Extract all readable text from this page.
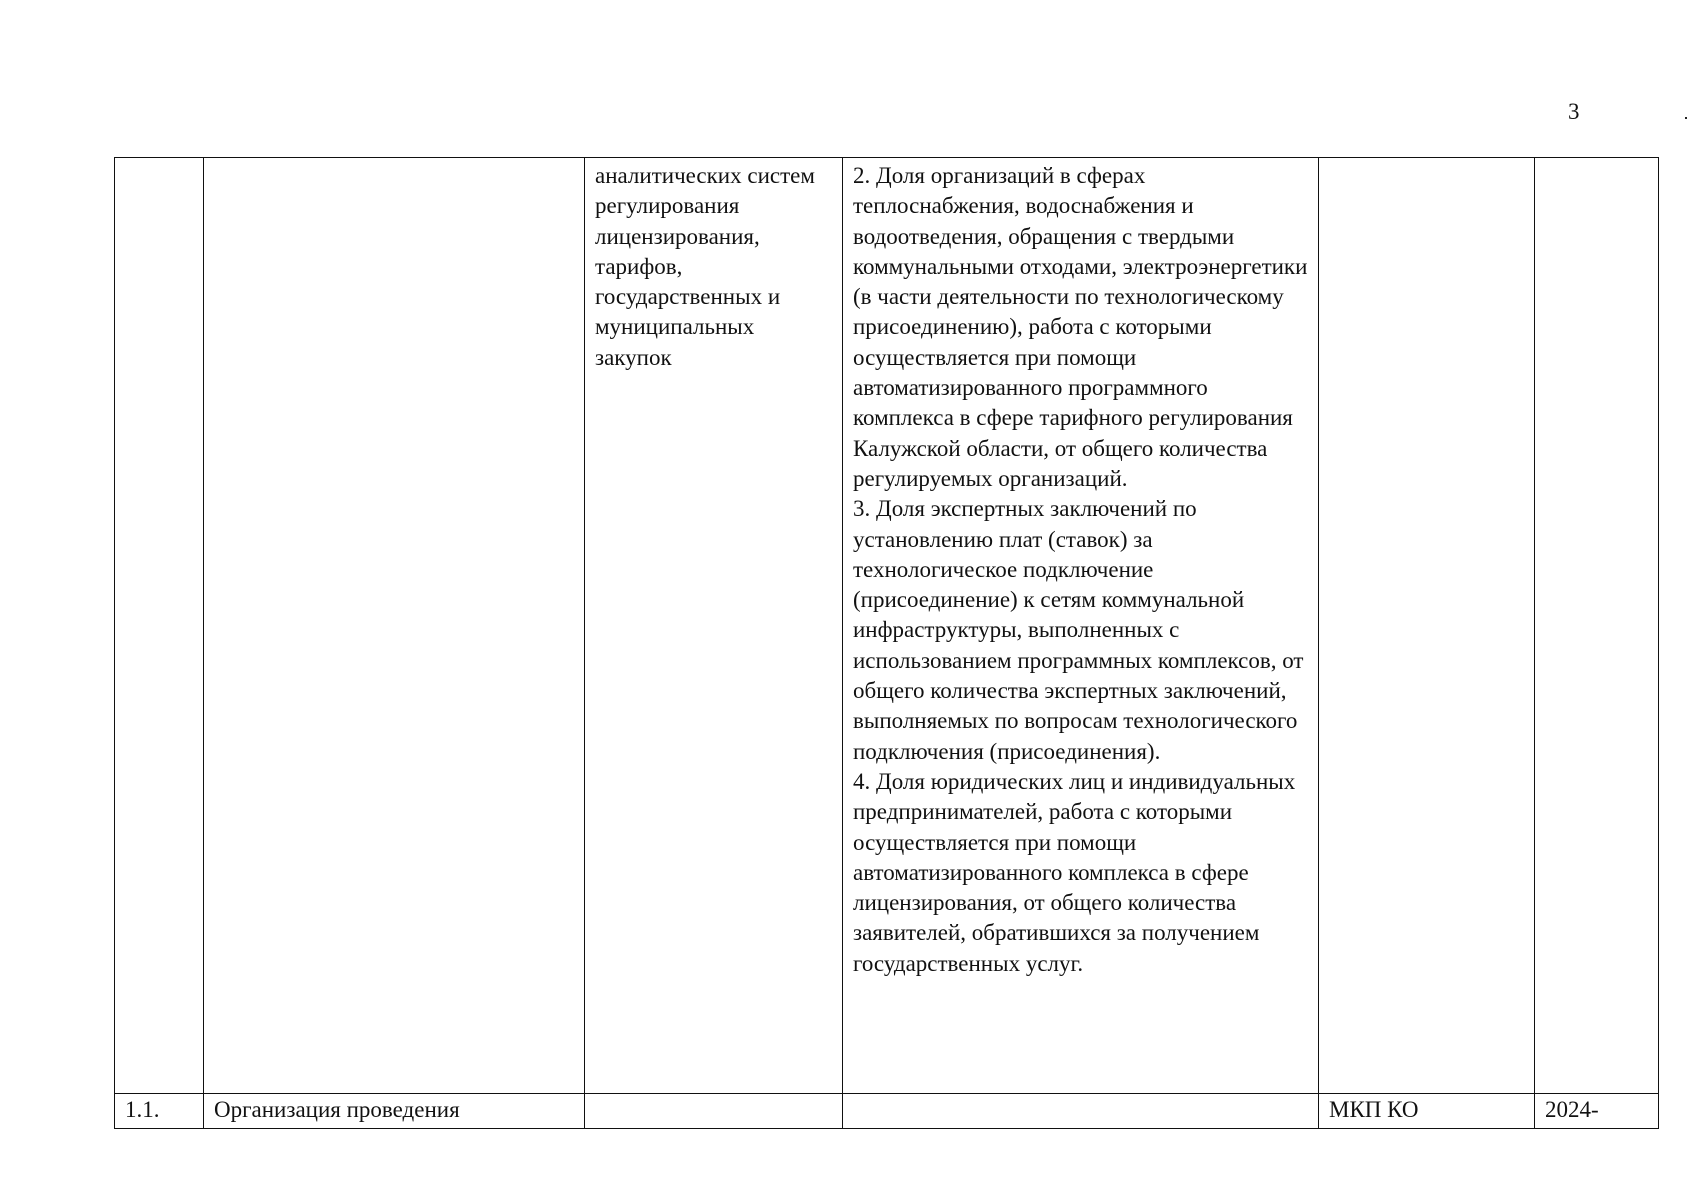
3
		аналитических систем регулирования лицензирования, тарифов, государственных и муниципальных закупок	2. Доля организаций в сферах теплоснабжения, водоснабжения и водоотведения, обращения с твердыми коммунальными отходами, электроэнергетики (в части деятельности по технологическому присоединению), работа с которыми осуществляется при помощи автоматизированного программного комплекса в сфере тарифного регулирования Калужской области, от общего количества регулируемых организаций.
3. Доля экспертных заключений по установлению плат (ставок) за технологическое подключение (присоединение) к сетям коммунальной инфраструктуры, выполненных с использованием программных комплексов, от общего количества экспертных заключений, выполняемых по вопросам технологического подключения (присоединения).
4. Доля юридических лиц и индивидуальных предпринимателей, работа с которыми осуществляется при помощи автоматизированного комплекса в сфере лицензирования, от общего количества заявителей, обратившихся за получением государственных услуг.		

1.1.	Организация проведения			МКП КО	2024-
